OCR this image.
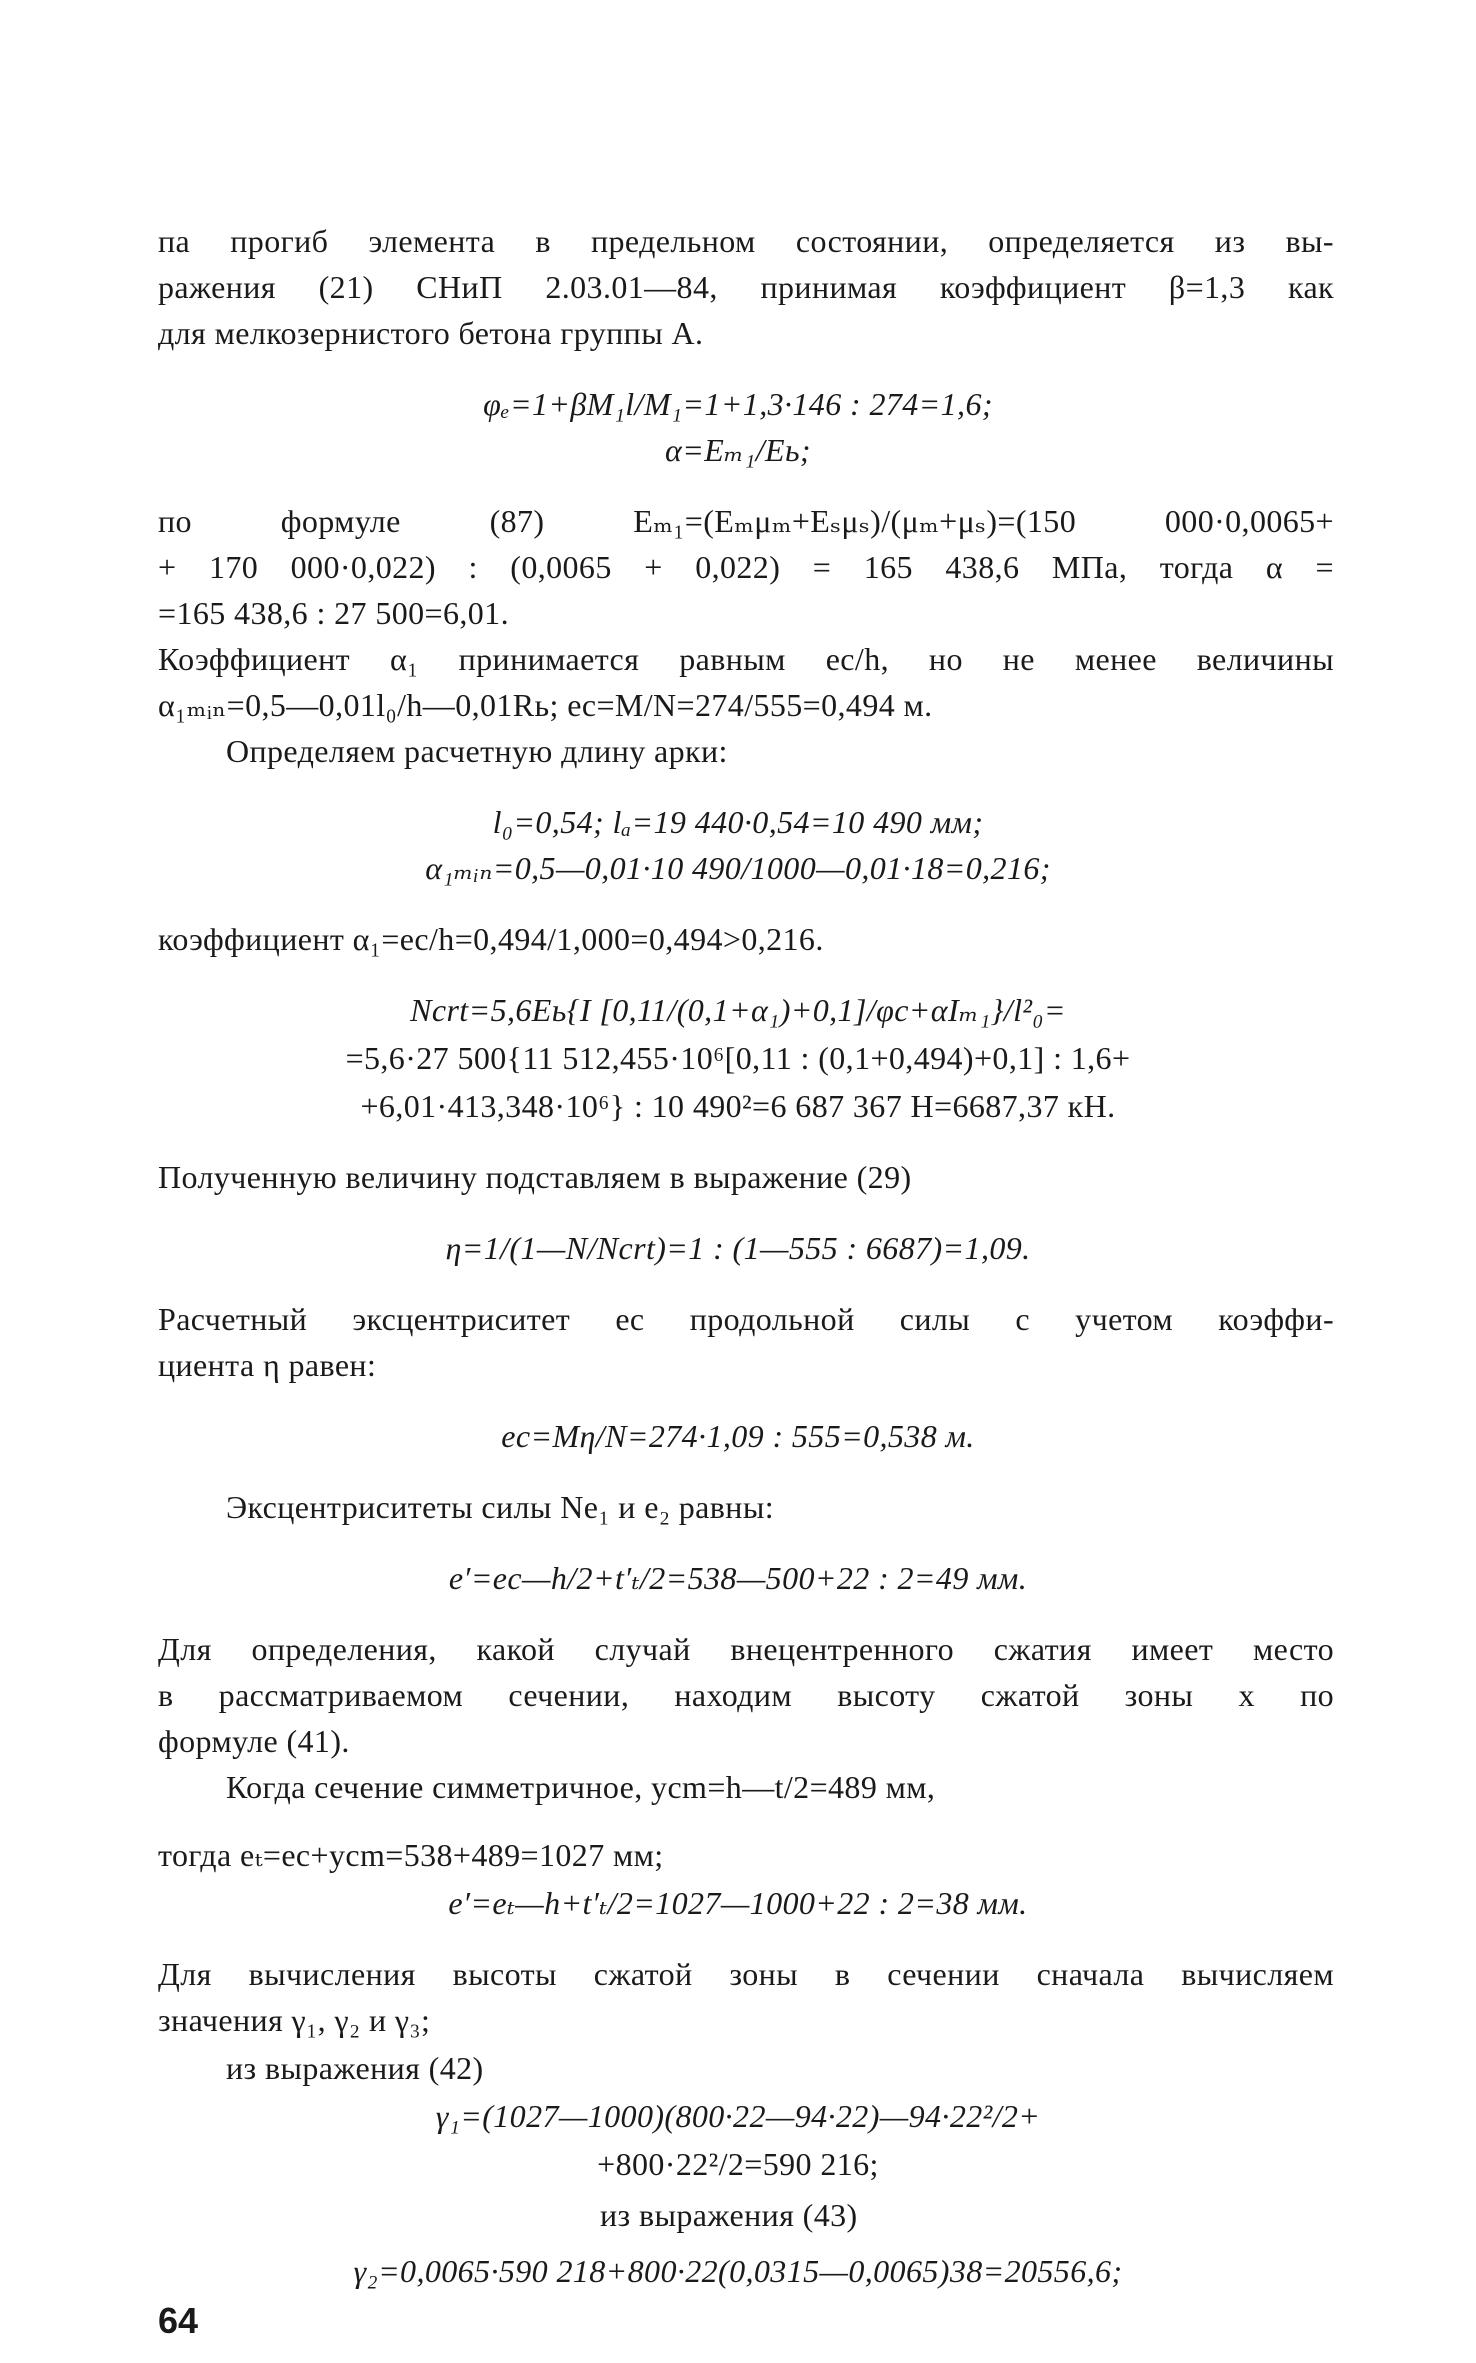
па прогиб элемента в предельном состоянии, определяется из вы-
ражения (21) СНиП 2.03.01—84, принимая коэффициент β=1,3 как
для мелкозернистого бетона группы А.
φₑ=1+βM₁l/M₁=1+1,3·146 : 274=1,6;
α=Eₘ₁/Eь;
по формуле (87) Eₘ₁=(Eₘμₘ+Eₛμₛ)/(μₘ+μₛ)=(150 000·0,0065+
+ 170 000·0,022) : (0,0065 + 0,022) = 165 438,6 МПа, тогда α =
=165 438,6 : 27 500=6,01.
Коэффициент α₁ принимается равным eс/h, но не менее величины
α₁ₘᵢₙ=0,5—0,01l₀/h—0,01Rь; eс=M/N=274/555=0,494 м.
Определяем расчетную длину арки:
l₀=0,54; lₐ=19 440·0,54=10 490 мм;
α₁ₘᵢₙ=0,5—0,01·10 490/1000—0,01·18=0,216;
коэффициент α₁=eс/h=0,494/1,000=0,494>0,216.
Ncrt=5,6Eь{I [0,11/(0,1+α₁)+0,1]/φс+αIₘ₁}/l²₀=
=5,6·27 500{11 512,455·10⁶[0,11 : (0,1+0,494)+0,1] : 1,6+
+6,01·413,348·10⁶} : 10 490²=6 687 367 Н=6687,37 кН.
Полученную величину подставляем в выражение (29)
η=1/(1—N/Ncrt)=1 : (1—555 : 6687)=1,09.
Расчетный эксцентриситет eс продольной силы с учетом коэффи-
циента η равен:
eс=Mη/N=274·1,09 : 555=0,538 м.
Эксцентриситеты силы Ne₁ и e₂ равны:
e′=eс—h/2+t′ₜ/2=538—500+22 : 2=49 мм.
Для определения, какой случай внецентренного сжатия имеет место
в рассматриваемом сечении, находим высоту сжатой зоны x по
формуле (41).
Когда сечение симметричное, yсm=h—t/2=489 мм,
тогда eₜ=eс+yсm=538+489=1027 мм;
e′=eₜ—h+t′ₜ/2=1027—1000+22 : 2=38 мм.
Для вычисления высоты сжатой зоны в сечении сначала вычисляем
значения γ₁, γ₂ и γ₃;
из выражения (42)
γ₁=(1027—1000)(800·22—94·22)—94·22²/2+
+800·22²/2=590 216;
из выражения (43)
γ₂=0,0065·590 218+800·22(0,0315—0,0065)38=20556,6;
64
